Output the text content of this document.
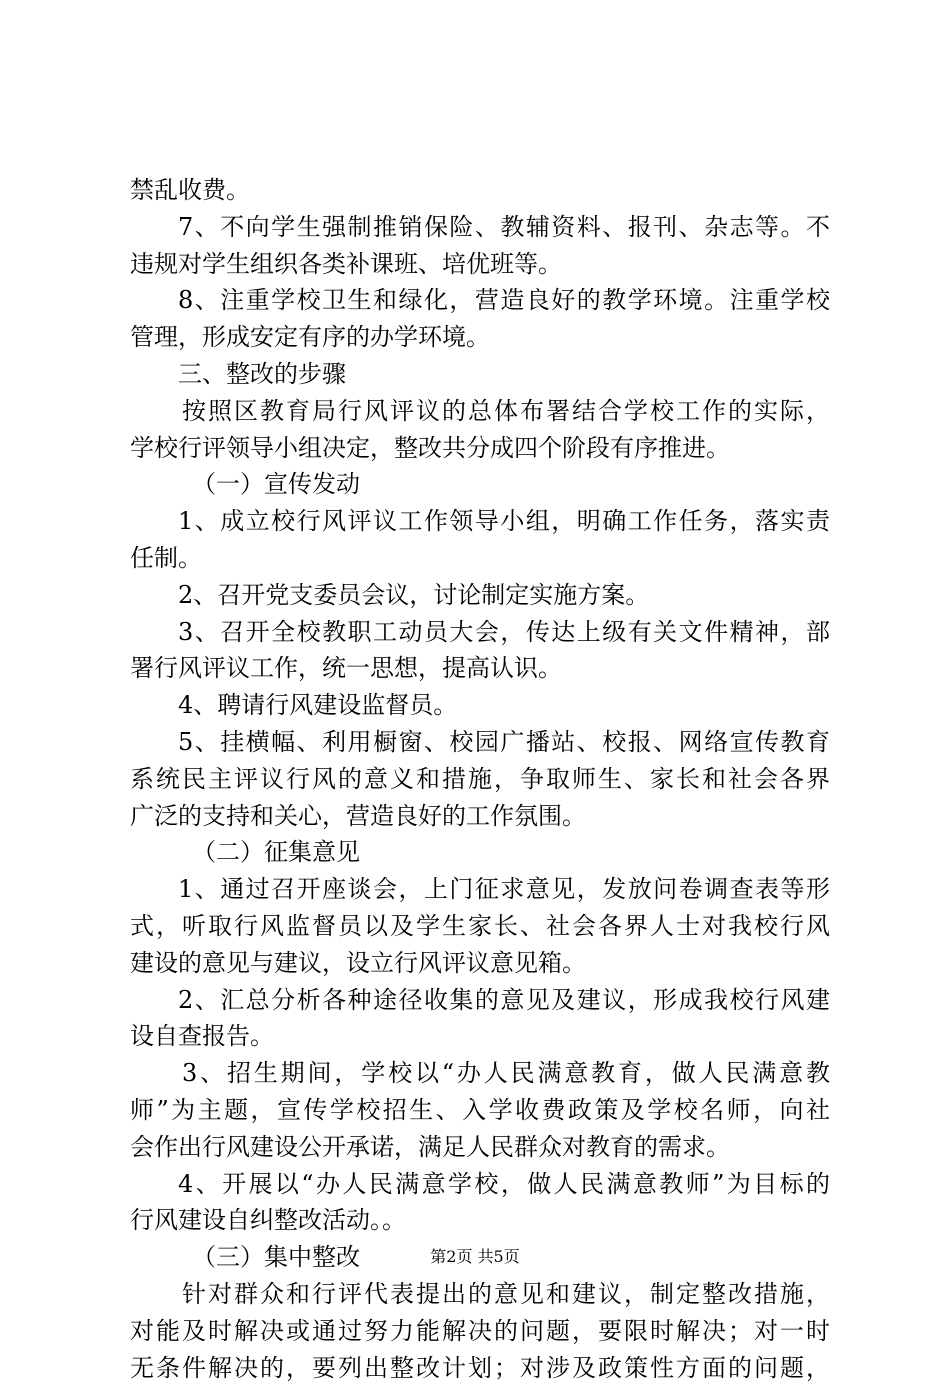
禁乱收费。
7、不向学生强制推销保险、教辅资料、报刊、杂志等。不
违规对学生组织各类补课班、培优班等。
8、注重学校卫生和绿化，营造良好的教学环境。注重学校
管理，形成安定有序的办学环境。
三、整改的步骤
按照区教育局行风评议的总体布署结合学校工作的实际，
学校行评领导小组决定，整改共分成四个阶段有序推进。
（一）宣传发动
1、成立校行风评议工作领导小组，明确工作任务，落实责
任制。
2、召开党支委员会议，讨论制定实施方案。
3、召开全校教职工动员大会，传达上级有关文件精神，部
署行风评议工作，统一思想，提高认识。
4、聘请行风建设监督员。
5、挂横幅、利用橱窗、校园广播站、校报、网络宣传教育
系统民主评议行风的意义和措施，争取师生、家长和社会各界
广泛的支持和关心，营造良好的工作氛围。
（二）征集意见
1、通过召开座谈会，上门征求意见，发放问卷调查表等形
式，听取行风监督员以及学生家长、社会各界人士对我校行风
建设的意见与建议，设立行风评议意见箱。
2、汇总分析各种途径收集的意见及建议，形成我校行风建
设自查报告。
3、招生期间，学校以“办人民满意教育，做人民满意教
师”为主题，宣传学校招生、入学收费政策及学校名师，向社
会作出行风建设公开承诺，满足人民群众对教育的需求。
4、开展以“办人民满意学校，做人民满意教师”为目标的
行风建设自纠整改活动。。
（三）集中整改
针对群众和行评代表提出的意见和建议，制定整改措施，
对能及时解决或通过努力能解决的问题，要限时解决；对一时
无条件解决的，要列出整改计划；对涉及政策性方面的问题，
第2页 共5页
